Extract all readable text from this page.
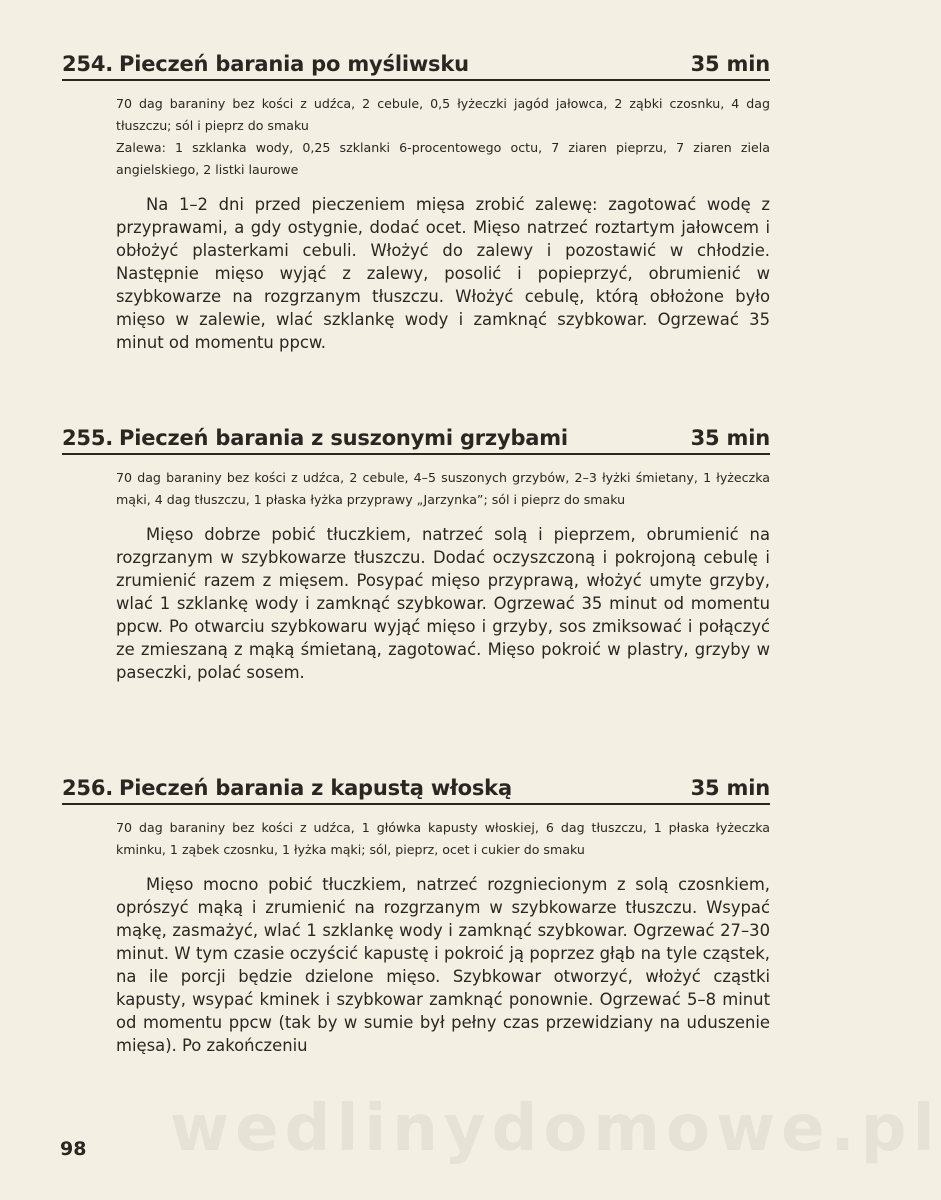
254. Pieczeń barania po myśliwsku	35 min

70 dag baraniny bez kości z udźca, 2 cebule, 0,5 łyżeczki jagód jałowca, 2 ząbki czosnku, 4 dag tłuszczu; sól i pieprz do smaku

Zalewa: 1 szklanka wody, 0,25 szklanki 6-procentowego octu, 7 ziaren pieprzu, 7 ziaren ziela angielskiego, 2 listki laurowe

Na 1–2 dni przed pieczeniem mięsa zrobić zalewę: zagotować wodę z przyprawami, a gdy ostygnie, dodać ocet. Mięso natrzeć roztartym jałowcem i obłożyć plasterkami cebuli. Włożyć do zalewy i pozostawić w chłodzie. Następnie mięso wyjąć z zalewy, posolić i popieprzyć, obrumienić w szybkowarze na rozgrzanym tłuszczu. Włożyć cebulę, którą obłożone było mięso w zalewie, wlać szklankę wody i zamknąć szybkowar. Ogrzewać 35 minut od momentu ppcw.
255. Pieczeń barania z suszonymi grzybami	35 min

70 dag baraniny bez kości z udźca, 2 cebule, 4–5 suszonych grzybów, 2–3 łyżki śmietany, 1 łyżeczka mąki, 4 dag tłuszczu, 1 płaska łyżka przyprawy „Jarzynka”; sól i pieprz do smaku

Mięso dobrze pobić tłuczkiem, natrzeć solą i pieprzem, obrumienić na rozgrzanym w szybkowarze tłuszczu. Dodać oczyszczoną i pokrojoną cebulę i zrumienić razem z mięsem. Posypać mięso przyprawą, włożyć umyte grzyby, wlać 1 szklankę wody i zamknąć szybkowar. Ogrzewać 35 minut od momentu ppcw. Po otwarciu szybkowaru wyjąć mięso i grzyby, sos zmiksować i połączyć ze zmieszaną z mąką śmietaną, zagotować. Mięso pokroić w plastry, grzyby w paseczki, polać sosem.
256. Pieczeń barania z kapustą włoską	35 min

70 dag baraniny bez kości z udźca, 1 główka kapusty włoskiej, 6 dag tłuszczu, 1 płaska łyżeczka kminku, 1 ząbek czosnku, 1 łyżka mąki; sól, pieprz, ocet i cukier do smaku

Mięso mocno pobić tłuczkiem, natrzeć rozgniecionym z solą czosnkiem, oprószyć mąką i zrumienić na rozgrzanym w szybkowarze tłuszczu. Wsypać mąkę, zasmażyć, wlać 1 szklankę wody i zamknąć szybkowar. Ogrzewać 27–30 minut. W tym czasie oczyścić kapustę i pokroić ją poprzez głąb na tyle cząstek, na ile porcji będzie dzielone mięso. Szybkowar otworzyć, włożyć cząstki kapusty, wsypać kminek i szybkowar zamknąć ponownie. Ogrzewać 5–8 minut od momentu ppcw (tak by w sumie był pełny czas przewidziany na uduszenie mięsa). Po zakończeniu
wedlinydomowe.pl
98
